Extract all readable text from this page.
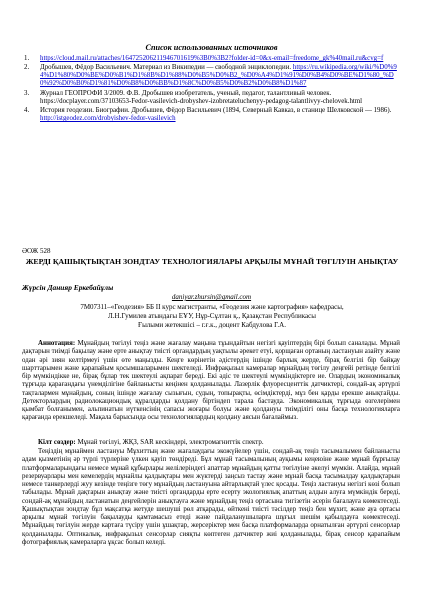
Список использованных источников
1. https://cloud.mail.ru/attaches/164725206211946701619%3B0%3B2?folder-id=0&x-email=freedome_gk%40mail.ru&cvg=f
2. Дробышев, Фёдор Васильевич. Материал из Википедии — свободной энциклопедии. https://ru.wikipedia.org/wiki/%D0%94%D1%80%D0%BE%D0%B1%D1%8B%D1%88%D0%B5%D0%B2_%D0%A4%D1%91%D0%B4%D0%BE%D1%80_%D0%92%D0%B0%D1%81%D0%B8%D0%BB%D1%8C%D0%B5%D0%B2%D0%B8%D1%87
3. Журнал ГЕОПРОФИ 3/2009. Ф.В. Дробышев изобретатель, ученый, педагог, талантливый человек. https://docplayer.com/37103653-Fedor-vasilevich-drobyshev-izobretateluchenyy-pedagog-talantlivyy-chelovek.html
4. История геодезии. Биографии. Дробышев, Фёдор Васильевич (1894, Северный Кавказ, в станице Шелковской — 1986). http://istgeodez.com/drobyishev-fedor-vasilevich
ӘОЖ 528
ЖЕРДІ ҚАШЫҚТЫҚТАН ЗОНДТАУ ТЕХНОЛОГИЯЛАРЫ АРҚЫЛЫ МҰНАЙ ТӨГІЛУІН АНЫҚТАУ
Жүрсін Данияр Еркебайұлы
daniyar.zhursin@gmail.com
7M07311–«Геодезия» ББ II курс магистранты, «Геодезия және картография» кафедрасы,
Л.Н.Гумилев атындағы ЕҰУ, Нұр-Сұлтан қ., Қазақстан Республикасы
Ғылыми жетекшісі – г.ғ.к., доцент Кабдулова Г.А.

Аннотация: Мұнайдың төгілуі теңіз және жағалау маңына тұындайтын негізгі қауіптердің бірі болып саналады. Мұнай дақтарын тиімді бақылау және ерте анықтау тиісті органдардың уақтылы әрекет етуі, қорщаған ортаның ластануын азайту және одан әрі зиян келтірмеуі үшін өте маңызды. Кеңге көрінетін әдістердің ішінде барлық жерде, бірақ белгілі бір байқау шарттарымен және қарапайым қосымшаларымен шектеледі. Инфрақызыл камералар мұнайдың төгілу деңгейі ретінде белгілі бір мүмкіндікке не, бірақ бұлар тек шектеулі ақпарат береді. Екі әдіс те шектеулі мүмкіндіктерге ие. Олардың экономикалық тұрғыда қарағандағы үнемділігіне байланысты кеңінен қолданылады. Лазерлік флуоресценттік датчиктері, сондай-ақ әртүрлі тақталармен мұнайдың, соның ішінде жағалау сызығын, судың, топырақты, өсімдіктерді, мұз бен қарды ерекше анықтайды. Детекторлардың радиолокациондық құралдарды қолдану біртіндеп тарала бастауда. Экономикалық тұрғыда өзгелерімен қымбат болғанымен, альпинатын иүткенсінің сапасы жоғары болуы және қолдануы тиімділігі оны басқа технологияларға қарағанда ерекшеледі. Мақала барысында осы технологиялардың қолдану аясын бағалаймыз.

Кілт сөздер: Мұнай төгілуі, ЖҚЗ, SAR кескіндері, электромагниттік спектр.

Теңіздің мұнаймен ластануы Мұхиттың және жағалаудағы экожүйелер үшін, сондай-ақ теңіз тасымалымен байланысты адам қызметінің әр түрлі түрлеріне үлкен қауіп төндіреді. Бұл мұнай тасымалының ауқымы кеңеюіне және мұнай бұрғылау платформаларындағы немесе мұнай құбырлары желілеріндегі апаттар мұнайдың қатты төгілуіне әкелуі мүмкін. Алайда, мұнай резервуарлары мен кемелердің мұнайлы қалдықтары мен жүктерді заңсыз тастау және мұнай басқа тасымалдау қалдықтарын немесе танкерлерді жуу кезінде теңізге төгу мұнайдың ластануына айтарлықтай үлес қосады. Теңіз ластануы негізгі көзі болып табылады. Мұнай дақтарын анықтау және тиісті органдарды ерте есерту экологиялық апаттың алдын алуға мүмкіндік береді, сондай-ақ мұнайдың ластанатын деңгейлерін анықтауға және мұнайдың теңіз ортасына тигізетін әсерін бағалауға көмектеседі. Қашықтықтан зондтау бұл мақсатқа жетуде шешуші рөл атқарады, өйткені тиісті тәсілдер теңіз бен мұхит, және ауа ортасы арқылы мұнай төгілуін бақылауды қамтамасыз етеді және пайдаланушыларға шұғыл шешім қабылдауға көмектеседі. Мұнайдың төгілуін жерде картаға түсіру үшін ұшақтар, жерсеріктер мен басқа платформаларда орнатылған әртүрлі сенсорлар қолданылады. Оптикалық, инфрақызыл сенсорлар сияқты көптеген датчиктер жиі қолданылады, бірақ сенсор қарапайым фотографиялық камераларға ұқсас болып келеді.
